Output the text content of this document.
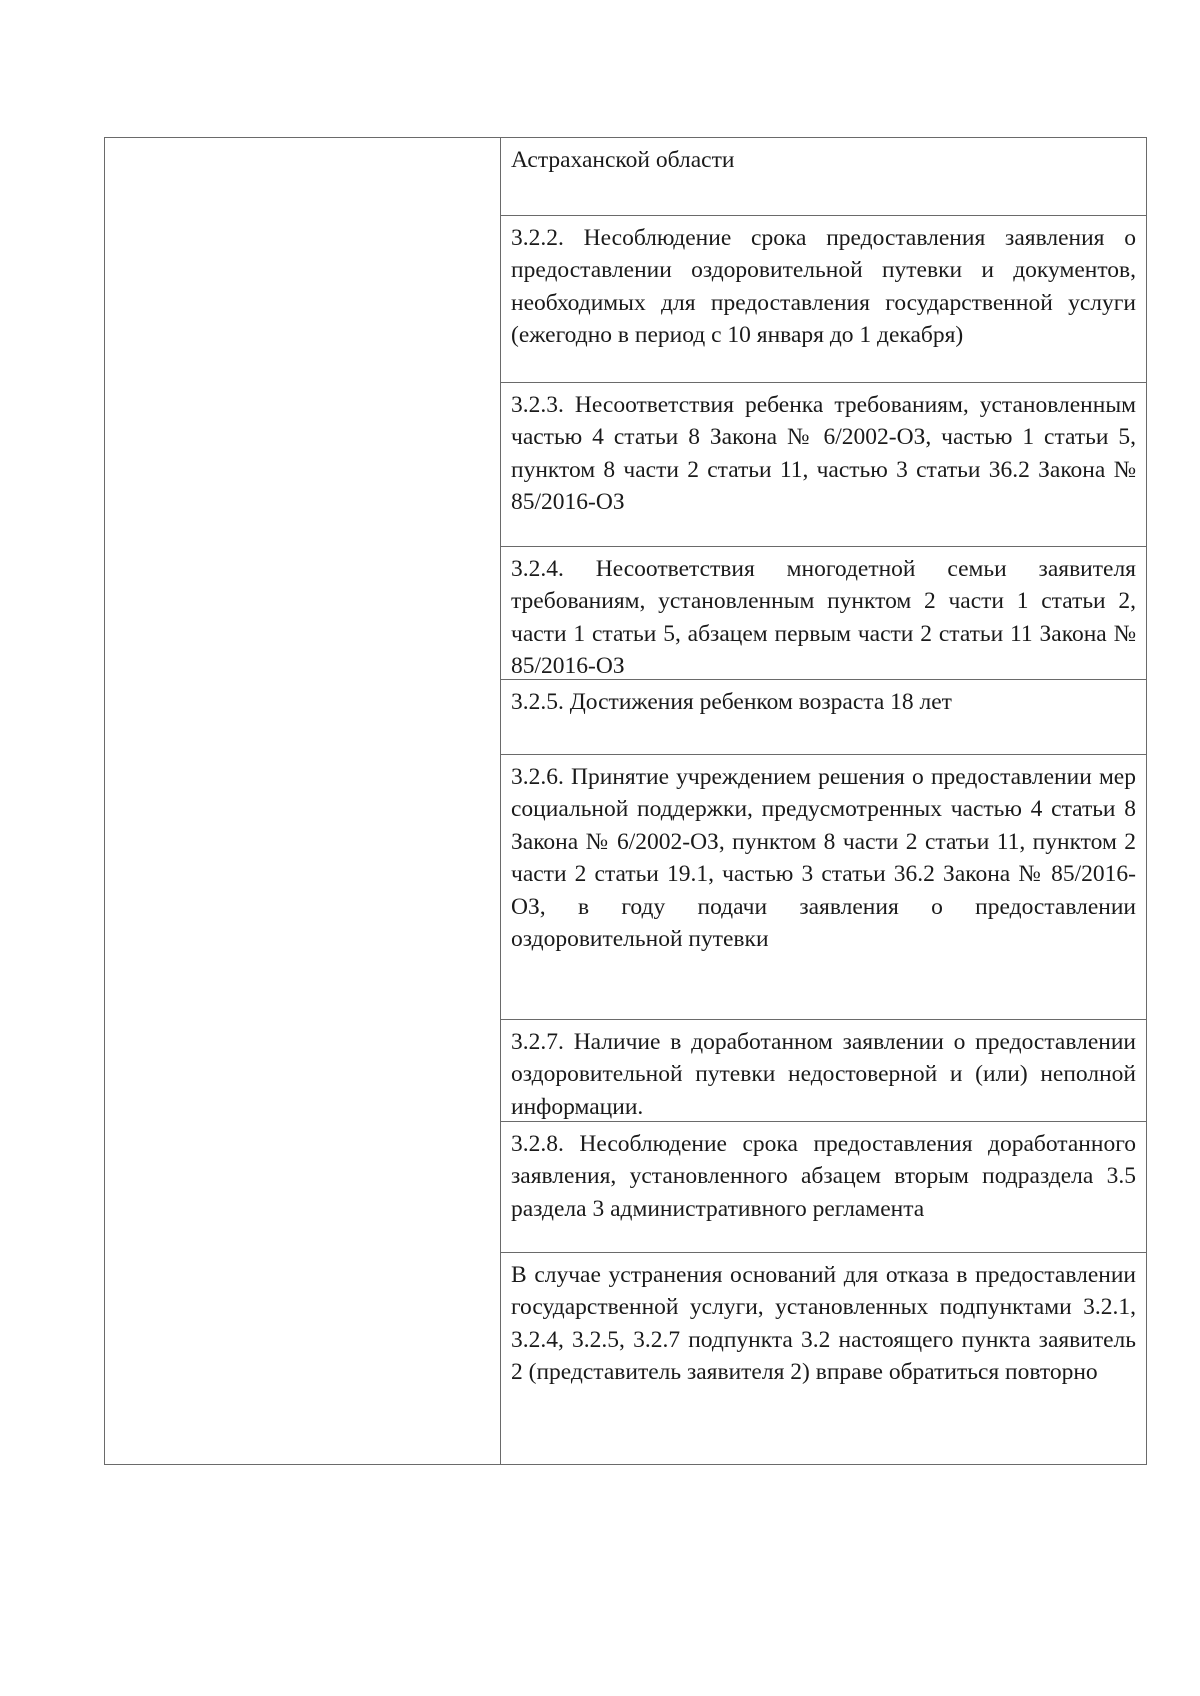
Астраханской области

3.2.2. Несоблюдение срока предоставления заявления о предоставлении оздоровительной путевки и документов, необходимых для предоставления государственной услуги (ежегодно в период с 10 января до 1 декабря)

3.2.3. Несоответствия ребенка требованиям, установленным частью 4 статьи 8 Закона № 6/2002-ОЗ, частью 1 статьи 5, пунктом 8 части 2 статьи 11, частью 3 статьи 36.2 Закона № 85/2016-ОЗ

3.2.4. Несоответствия многодетной семьи заявителя требованиям, установленным пунктом 2 части 1 статьи 2, части 1 статьи 5, абзацем первым части 2 статьи 11 Закона № 85/2016-ОЗ

3.2.5. Достижения ребенком возраста 18 лет

3.2.6. Принятие учреждением решения о предоставлении мер социальной поддержки, предусмотренных частью 4 статьи 8 Закона № 6/2002-ОЗ, пунктом 8 части 2 статьи 11, пунктом 2 части 2 статьи 19.1, частью 3 статьи 36.2 Закона № 85/2016-ОЗ, в году подачи заявления о предоставлении оздоровительной путевки

3.2.7. Наличие в доработанном заявлении о предоставлении оздоровительной путевки недостоверной и (или) неполной информации.

3.2.8. Несоблюдение срока предоставления доработанного заявления, установленного абзацем вторым подраздела 3.5 раздела 3 административного регламента

В случае устранения оснований для отказа в предоставлении государственной услуги, установленных подпунктами 3.2.1, 3.2.4, 3.2.5, 3.2.7 подпункта 3.2 настоящего пункта заявитель 2 (представитель заявителя 2) вправе обратиться повторно
